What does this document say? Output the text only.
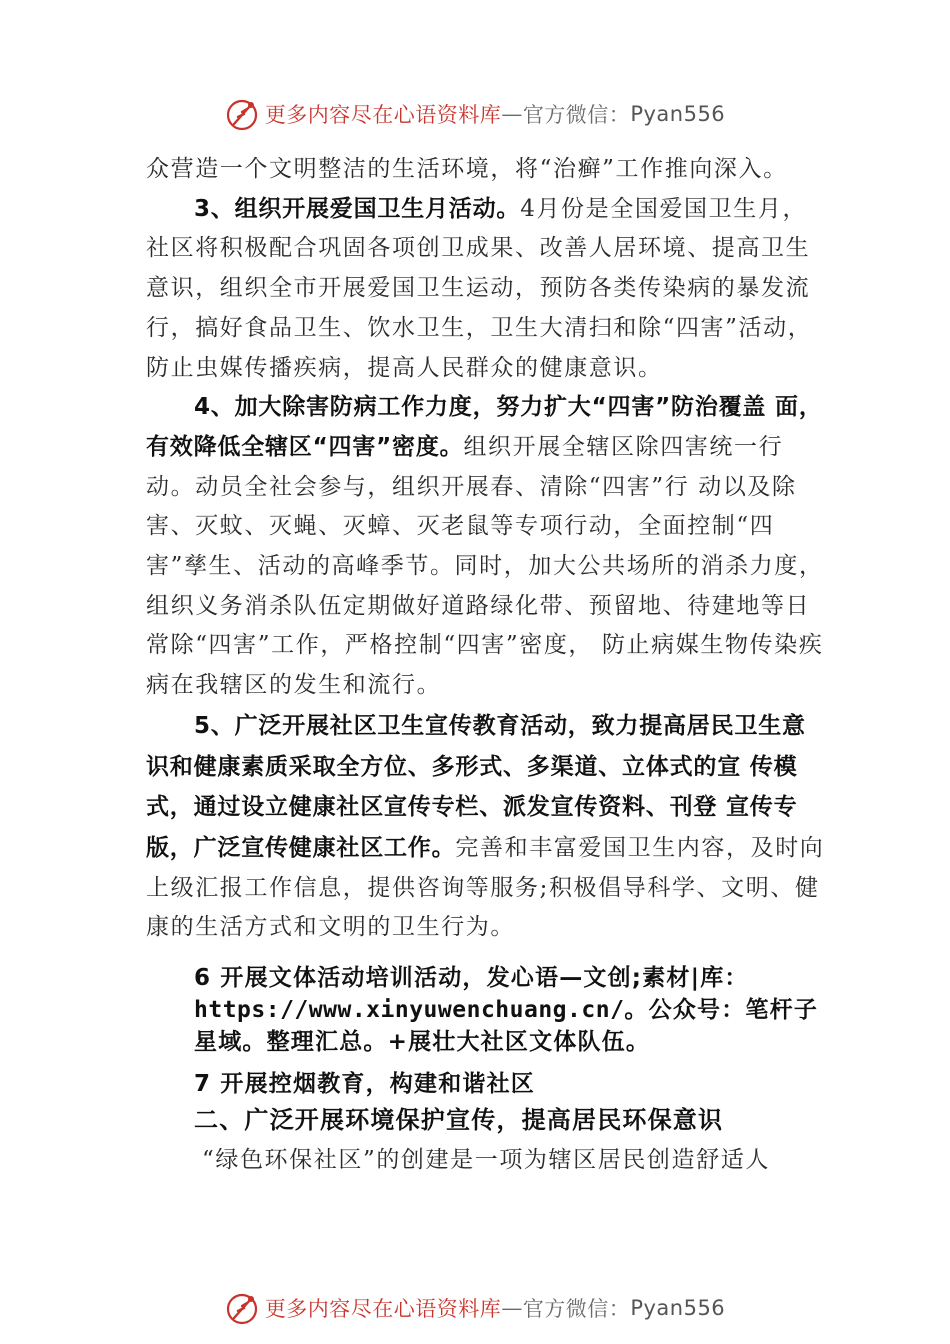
更多内容尽在心语资料库 — 官方微信： Pyan556

众营造一个文明整洁的生活环境，将“治癣”工作推向深入。

3、组织开展爱国卫生月活动。4月份是全国爱国卫生月，社区将积极配合巩固各项创卫成果、改善人居环境、提高卫生意识，组织全市开展爱国卫生运动，预防各类传染病的暴发流行，搞好食品卫生、饮水卫生，卫生大清扫和除“四害”活动，防止虫媒传播疾病，提高人民群众的健康意识。

4、加大除害防病工作力度，努力扩大“四害”防治覆盖 面，有效降低全辖区“四害”密度。组织开展全辖区除四害统一行动。动员全社会参与，组织开展春、清除“四害”行 动以及除害、灭蚊、灭蝇、灭蟑、灭老鼠等专项行动，全面控制“四害”孳生、活动的高峰季节。同时，加大公共场所的消杀力度，组织义务消杀队伍定期做好道路绿化带、预留地、待建地等日常除“四害”工作，严格控制“四害”密度， 防止病媒生物传染疾病在我辖区的发生和流行。

5、广泛开展社区卫生宣传教育活动，致力提高居民卫生意识和健康素质采取全方位、多形式、多渠道、立体式的宣 传模式，通过设立健康社区宣传专栏、派发宣传资料、刊登 宣传专版，广泛宣传健康社区工作。完善和丰富爱国卫生内容，及时向上级汇报工作信息，提供咨询等服务;积极倡导科学、文明、健康的生活方式和文明的卫生行为。

6 开展文体活动培训活动，发心语—文创;素材|库：https://www.xinyuwenchuang.cn/。公众号：笔杆子星域。整理汇总。+展壮大社区文体队伍。

7 开展控烟教育，构建和谐社区

二、广泛开展环境保护宣传，提高居民环保意识

“绿色环保社区”的创建是一项为辖区居民创造舒适人

更多内容尽在心语资料库 — 官方微信： Pyan556
